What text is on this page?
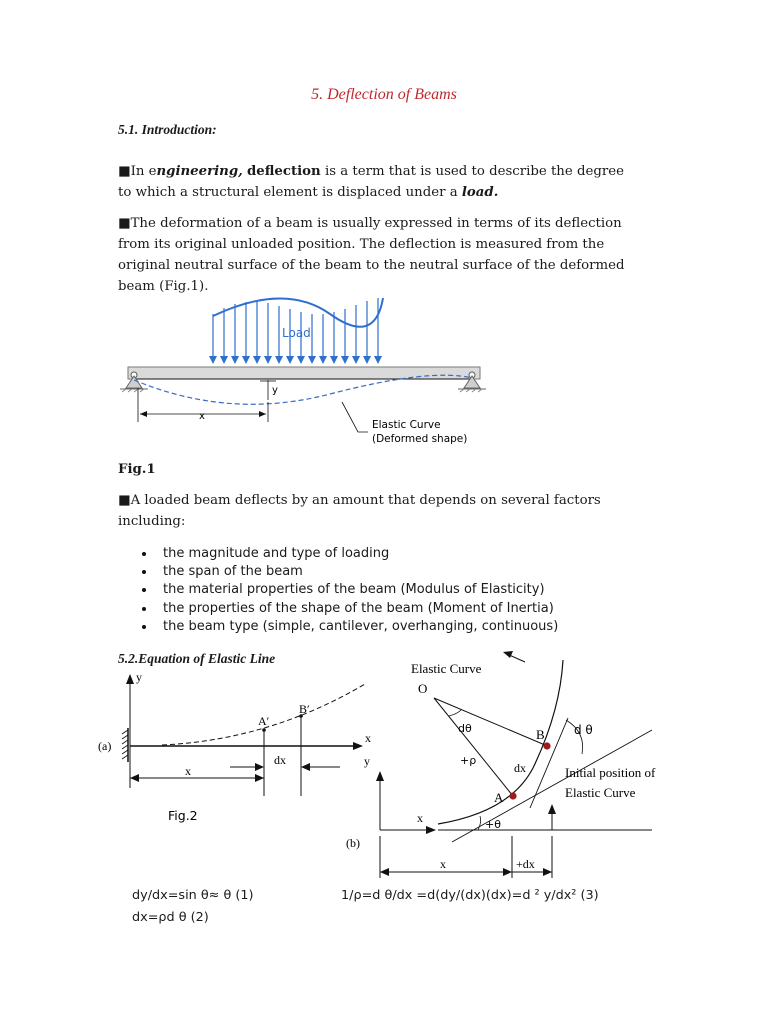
5. Deflection of Beams
5.1. Introduction:
■In engineering, deflection is a term that is used to describe the degree to which a structural element is displaced under a load.
■The deformation of a beam is usually expressed in terms of its deflection from its original unloaded position. The deflection is measured from the original neutral surface of the beam to the neutral surface of the deformed beam (Fig.1).
Load
y
x
Elastic Curve
(Deformed shape)
Fig.1
■A loaded beam deflects by an amount that depends on several factors including:
the magnitude and type of loading
the span of the beam
the material properties of the beam (Modulus of Elasticity)
the properties of the shape of the beam (Moment of Inertia)
the beam type (simple, cantilever, overhanging, continuous)
5.2.Equation of Elastic Line
y
x
(a)
A′
B′
dx
x
Fig.2
Elastic Curve
O
dθ
+ρ
dx
B
A
d θ
Initial position of
Elastic Curve
y
x	+θ
(b)
x	+dx
dy/dx=sin θ≈ θ (1)
dx=ρd θ (2)
1/ρ=d θ/dx =d(dy/(dx)(dx)=d ² y/dx² (3)
